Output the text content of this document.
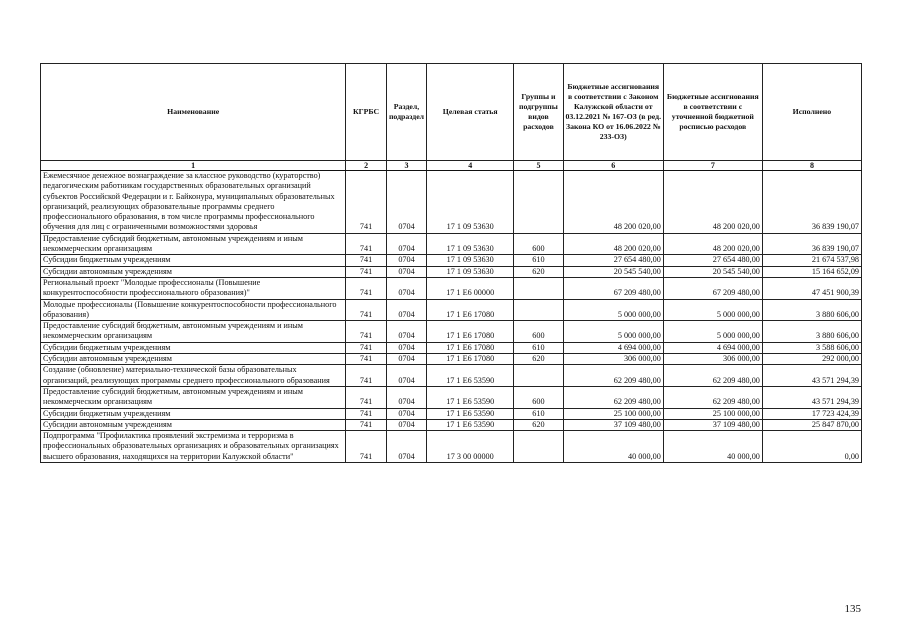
Наименование	КГРБС	Раздел, подраздел	Целевая статья	Группы и подгруппы видов расходов	Бюджетные ассигнования в соответствии с Законом Калужской области от 03.12.2021 № 167-ОЗ (в ред. Закона КО от 16.06.2022 № 233-ОЗ)	Бюджетные ассигнования в соответствии с уточненной бюджетной росписью расходов	Исполнено
1	2	3	4	5	6	7	8
Ежемесячное денежное вознаграждение за классное руководство (кураторство) педагогическим работникам государственных образовательных организаций субъектов Российской Федерации и г. Байконура, муниципальных образовательных организаций, реализующих образовательные программы среднего профессионального образования, в том числе программы профессионального обучения для лиц с ограниченными возможностями здоровья	741	0704	17 1 09 53630		48 200 020,00	48 200 020,00	36 839 190,07
Предоставление субсидий бюджетным, автономным учреждениям и иным некоммерческим организациям	741	0704	17 1 09 53630	600	48 200 020,00	48 200 020,00	36 839 190,07
Субсидии бюджетным учреждениям	741	0704	17 1 09 53630	610	27 654 480,00	27 654 480,00	21 674 537,98
Субсидии автономным учреждениям	741	0704	17 1 09 53630	620	20 545 540,00	20 545 540,00	15 164 652,09
Региональный проект "Молодые профессионалы (Повышение конкурентоспособности профессионального образования)"	741	0704	17 1 E6 00000		67 209 480,00	67 209 480,00	47 451 900,39
Молодые профессионалы (Повышение конкурентоспособности профессионального образования)	741	0704	17 1 E6 17080		5 000 000,00	5 000 000,00	3 880 606,00
Предоставление субсидий бюджетным, автономным учреждениям и иным некоммерческим организациям	741	0704	17 1 E6 17080	600	5 000 000,00	5 000 000,00	3 880 606,00
Субсидии бюджетным учреждениям	741	0704	17 1 E6 17080	610	4 694 000,00	4 694 000,00	3 588 606,00
Субсидии автономным учреждениям	741	0704	17 1 E6 17080	620	306 000,00	306 000,00	292 000,00
Создание (обновление) материально-технической базы образовательных организаций, реализующих программы среднего профессионального образования	741	0704	17 1 E6 53590		62 209 480,00	62 209 480,00	43 571 294,39
Предоставление субсидий бюджетным, автономным учреждениям и иным некоммерческим организациям	741	0704	17 1 E6 53590	600	62 209 480,00	62 209 480,00	43 571 294,39
Субсидии бюджетным учреждениям	741	0704	17 1 E6 53590	610	25 100 000,00	25 100 000,00	17 723 424,39
Субсидии автономным учреждениям	741	0704	17 1 E6 53590	620	37 109 480,00	37 109 480,00	25 847 870,00
Подпрограмма "Профилактика проявлений экстремизма и терроризма в профессиональных образовательных организациях и образовательных организациях высшего образования, находящихся на территории Калужской области"	741	0704	17 3 00 00000		40 000,00	40 000,00	0,00
135
